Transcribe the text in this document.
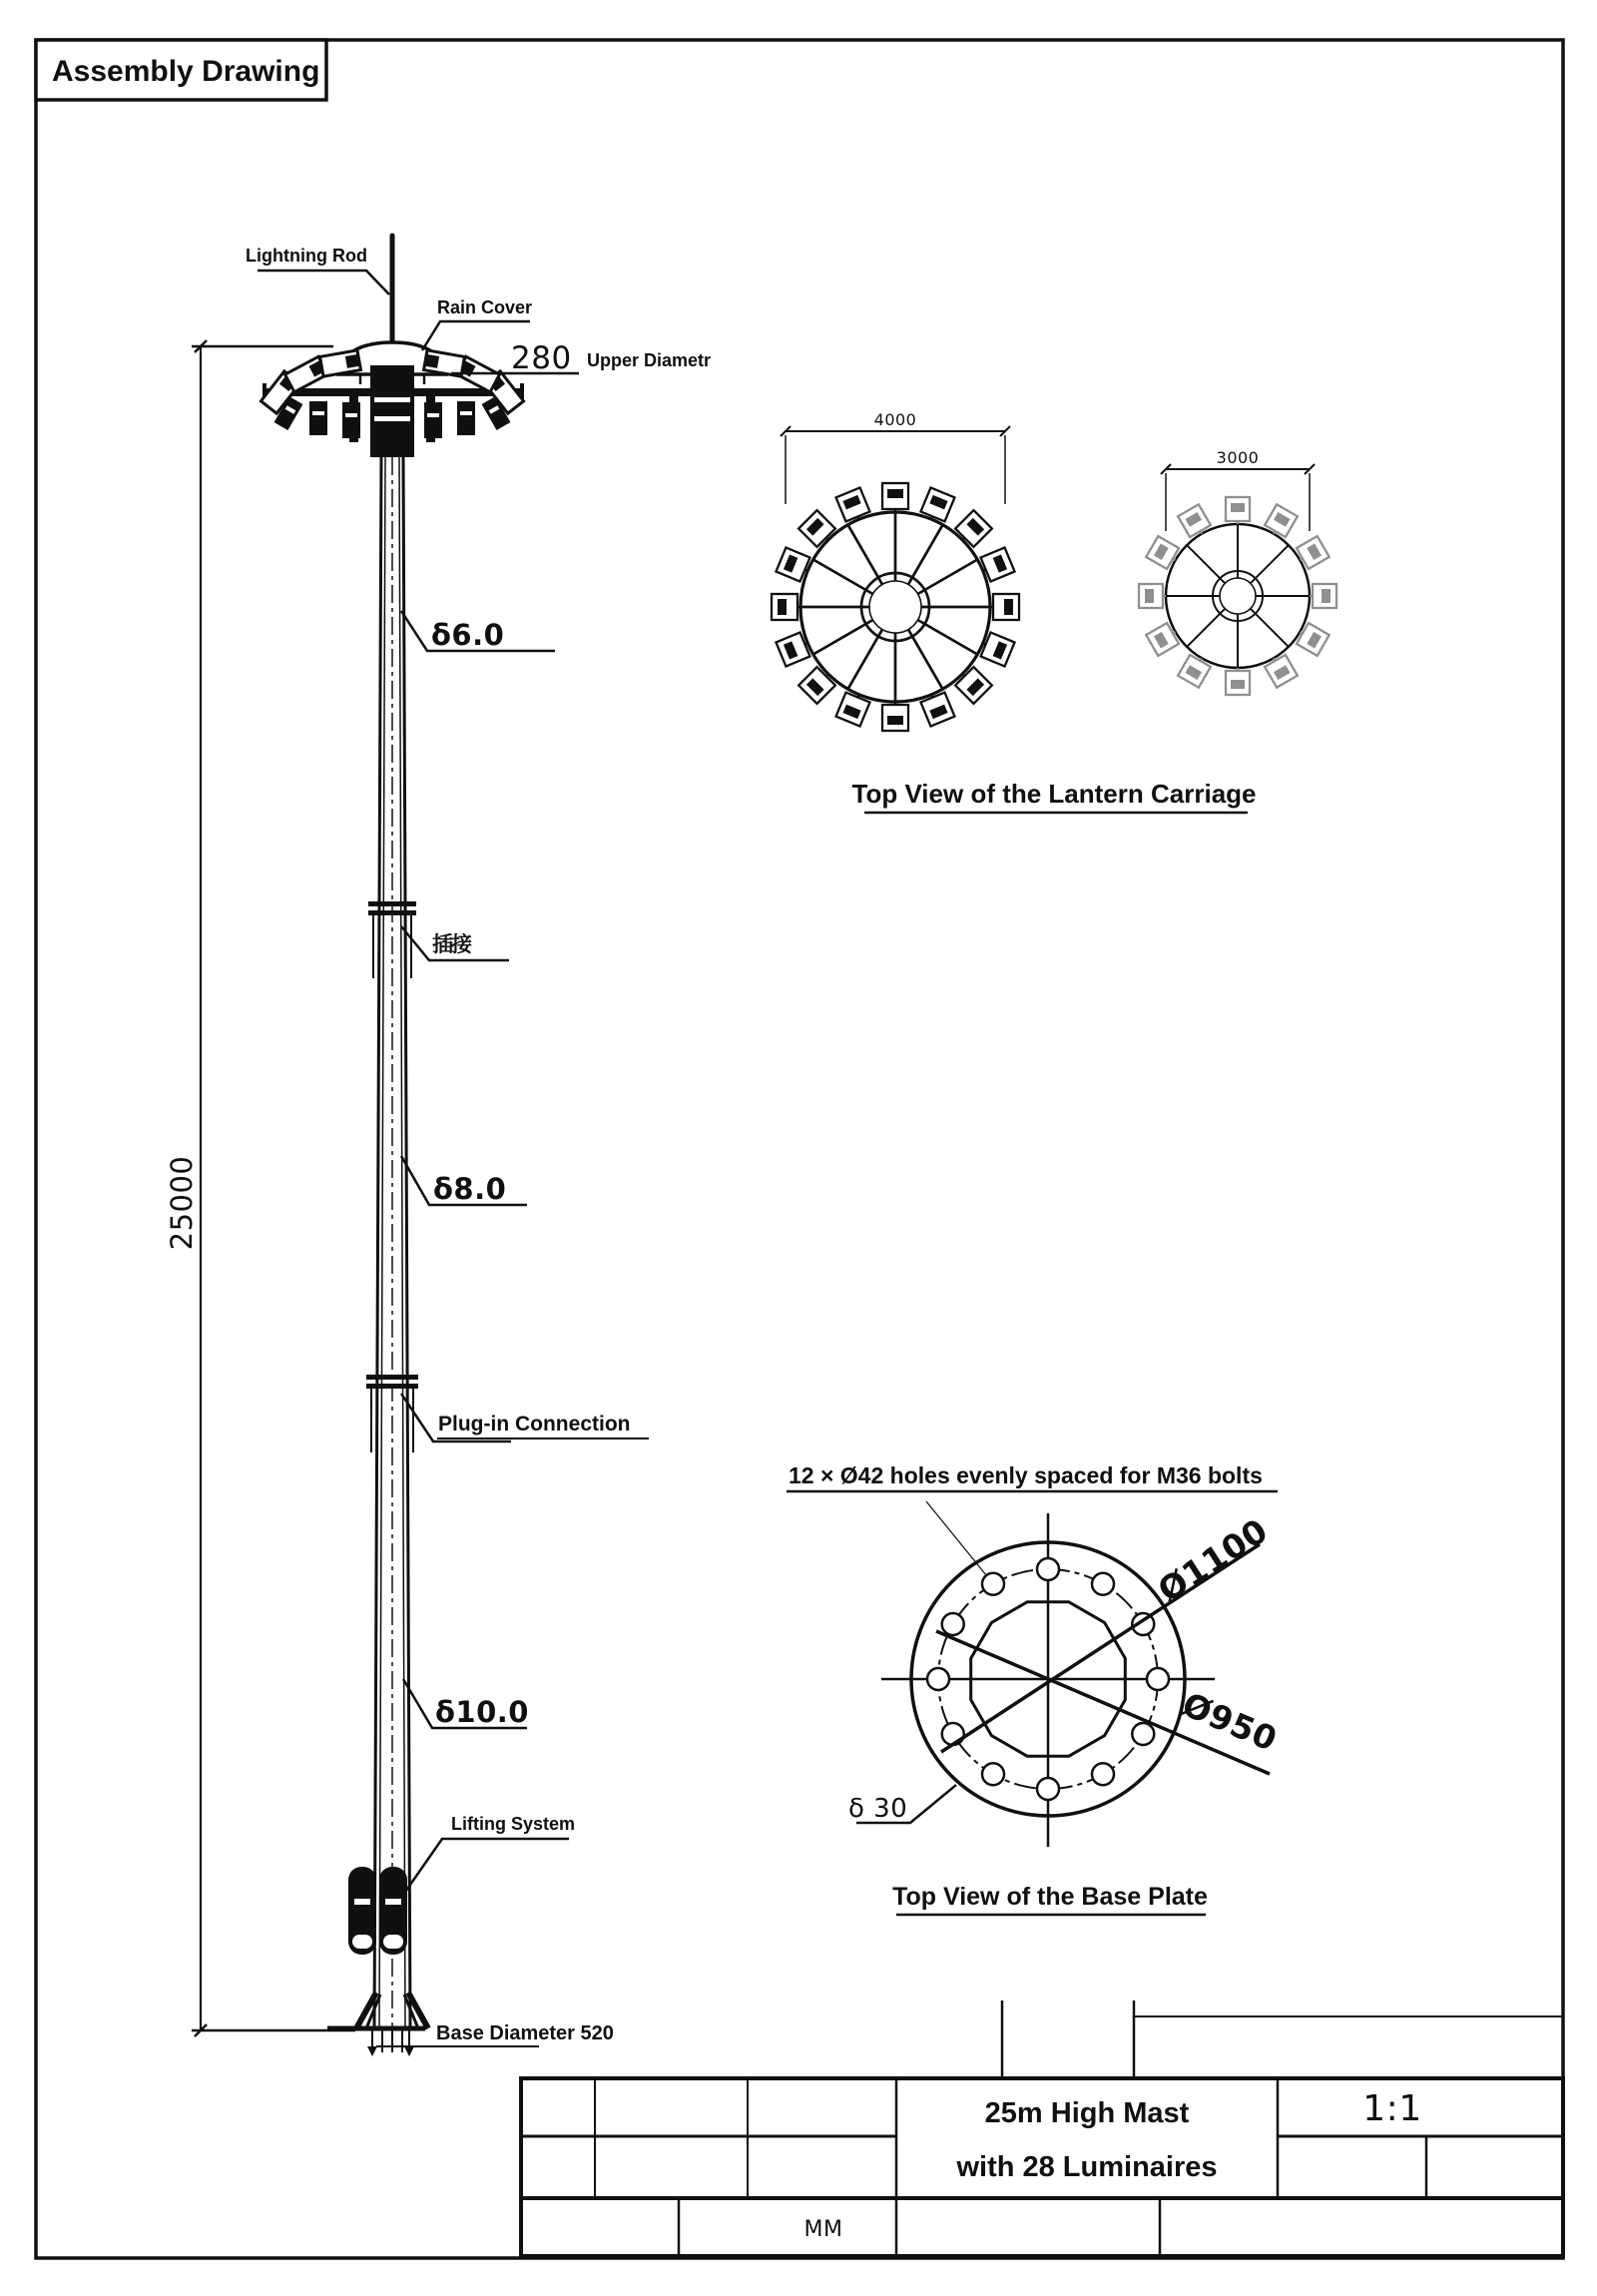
Assembly Drawing
25000
Lightning Rod
Rain Cover
280 Upper Diametr
δ6.0
插接
δ8.0
Plug-in Connection
δ10.0
Lifting System
Base Diameter 520
4000
3000
Top View of the Lantern Carriage
12 × Ø42 holes evenly spaced for M36 bolts
Ø1100
Ø950
δ 30
Top View of the Base Plate
25m High Mast
with 28 Luminaires
1:1
MM
